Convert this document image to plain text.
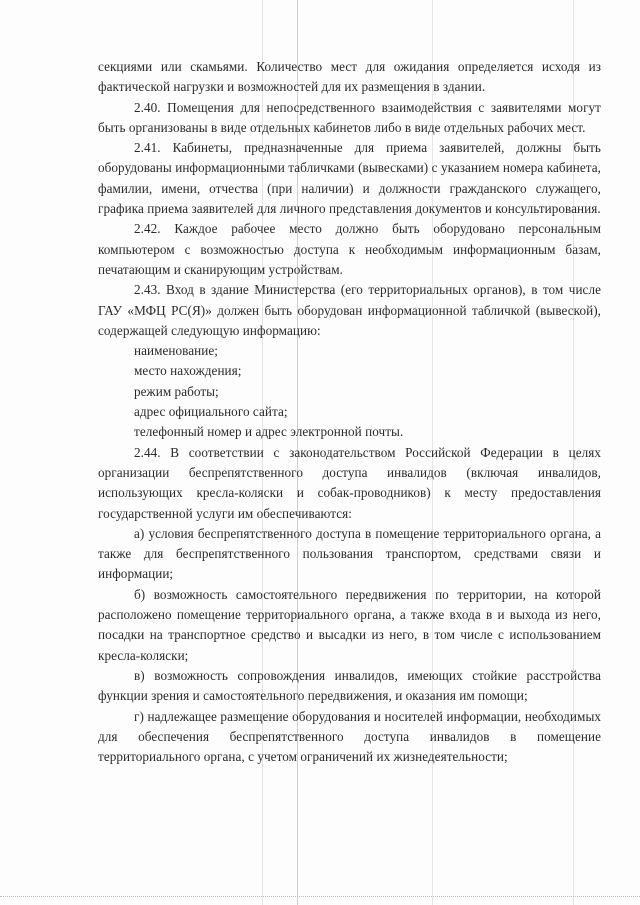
секциями или скамьями. Количество мест для ожидания определяется исходя из фактической нагрузки и возможностей для их размещения в здании.

2.40. Помещения для непосредственного взаимодействия с заявителями могут быть организованы в виде отдельных кабинетов либо в виде отдельных рабочих мест.

2.41. Кабинеты, предназначенные для приема заявителей, должны быть оборудованы информационными табличками (вывесками) с указанием номера кабинета, фамилии, имени, отчества (при наличии) и должности гражданского служащего, графика приема заявителей для личного представления документов и консультирования.

2.42. Каждое рабочее место должно быть оборудовано персональным компьютером с возможностью доступа к необходимым информационным базам, печатающим и сканирующим устройствам.

2.43. Вход в здание Министерства (его территориальных органов), в том числе ГАУ «МФЦ РС(Я)» должен быть оборудован информационной табличкой (вывеской), содержащей следующую информацию:

наименование;

место нахождения;

режим работы;

адрес официального сайта;

телефонный номер и адрес электронной почты.

2.44. В соответствии с законодательством Российской Федерации в целях организации беспрепятственного доступа инвалидов (включая инвалидов, использующих кресла-коляски и собак-проводников) к месту предоставления государственной услуги им обеспечиваются:

а) условия беспрепятственного доступа в помещение территориального органа, а также для беспрепятственного пользования транспортом, средствами связи и информации;

б) возможность самостоятельного передвижения по территории, на которой расположено помещение территориального органа, а также входа в и выхода из него, посадки на транспортное средство и высадки из него, в том числе с использованием кресла-коляски;

в) возможность сопровождения инвалидов, имеющих стойкие расстройства функции зрения и самостоятельного передвижения, и оказания им помощи;

г) надлежащее размещение оборудования и носителей информации, необходимых для обеспечения беспрепятственного доступа инвалидов в помещение территориального органа, с учетом ограничений их жизнедеятельности;
